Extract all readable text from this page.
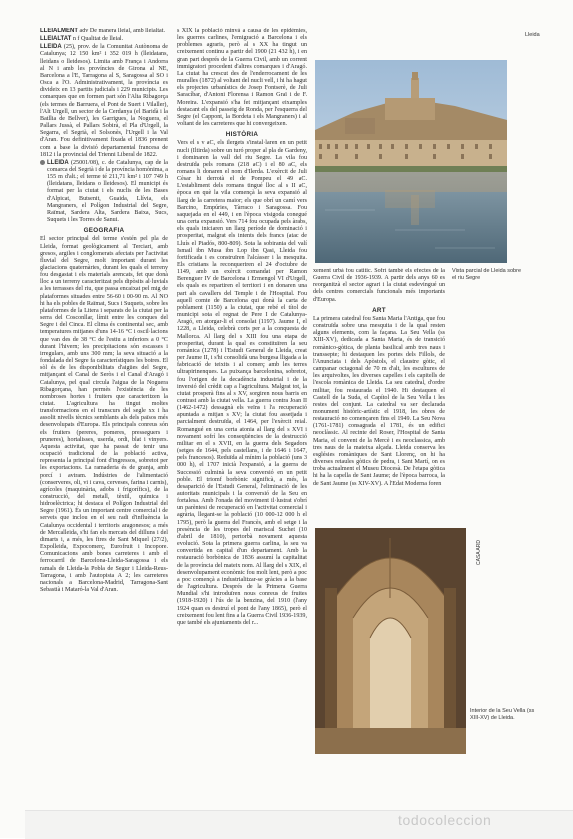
Lleida

LLEIALMENT adv De manera lleial, amb lleialtat.

LLEIALTAT n f Qualitat de lleial.

LLEIDA (25), prov. de la Comunitat Autònoma de Catalunya; 12 150 km² i 352 019 h (lleidatans, lleidans o lleidesos). Limita amb França i Andorra al N i amb les províncies de Girona al NE, Barcelona a l'E, Tarragona al S, Saragossa al SO i Osca a l'O. Administrativament, la província es divideix en 13 partits judicials i 229 municipis. Les comarques que en formen part són l'Alta Ribagorça (els termes de Barruera, el Pont de Suert i Vilaller), l'Alt Urgell, un sector de la Cerdanya (el Baridà i la Batllia de Bellver), les Garrigues, la Noguera, el Pallars Jussà, el Pallars Sobirà, el Pla d'Urgell, la Segarra, el Segrià, el Solsonès, l'Urgell i la Val d'Aran. Fou definitivament fixada el 1836 prenent com a base la divisió departamental francesa de 1812 i la provincial del Trienni Liberal de 1822.

LLEIDA (25001/08), c. de Catalunya, cap de la comarca del Segrià i de la província homònima, a 155 m d'alt.; el terme té 211,71 km² i 107 749 h (lleidatans, lleidans o lleidesos). El municipi és format per la ciutat i els nuclis de les Bases d'Alpicat, Butsenit, Guaida, Llívia, els Mangraners, el Polígon Industrial del Segre, Raïmat, Sardera Alta, Sardera Baixa, Sucs, Suquets i les Torres de Sanui.

GEOGRAFIA

El sector principal del terme s'estén pel pla de Lleida, format geològicament al Terciari, amb gresos, argiles i conglomerats afectats per l'activitat fluvial del Segre, molt important durant les glaciacions quaternàries, durant les quals el terreny fou desgastat i els materials arencats, fet que donà lloc a un terreny caracteritzat pels dipòsits al·luvials a les terrasses del riu, que passa encaixat pel mig de plataformes situades entre 56-60 i 00-90 m. Al NO hi ha els pobles de Raïmat, Sucs i Suquets, sobre les plataformes de la Litera i separats de la ciutat per la serra del Cosconllar, límit entre les conques del Segre i del Cinca. El clima és continental sec, amb temperatures mitjanes d'uns 14-16 °C i oscil·lacions que van des de 38 °C de l'estiu a inferiors a 0 °C durant l'hivern; les precipitacions són escasses i irregulars, amb uns 300 mm; la seva situació a la fondalada del Segre fa característiques les boires. El sòl és de les disponibilitats d'aigües del Segre, mitjançant el Canal de Seròs i el Canal d'Aragó i Catalunya, pel qual circula l'aigua de la Noguera Ribagorçana, han permès l'existència de les nombroses hortes i fruiters que caracteritzen la ciutat. L'agricultura ha tingut moltes transformacions en el transcurs del segle xx i ha assolit nivells tècnics semblants als dels països més desenvolupats d'Europa. Els principals conreus són els fruiters (pereres, pomeres, presseguers i pruneres), hortalisses, userda, ordi, blat i vinyers. Aquesta activitat, que ha passat de tenir una ocupació tradicional de la població activa, representa la principal font d'ingressos, sobretot per les exportacions. La ramaderia és de granja, amb porcí i aviram. Indústries de l'alimentació (conserveres, oli, vi i cava, cerveses, farina i carnis), agrícoles (maquinària, adobs i frigorífics), de la construcció, del metall, tèxtil, química i hidroelèctrica; hi destaca el Polígon Industrial del Segre (1961). És un important centre comercial i de serveis que inclou en el seu radi d'influència la Catalunya occidental i territoris aragonesos; a més de Mercalleida, s'hi fan els mercats del dilluns i del dimarts i, a més, les fires de Sant Miquel (27/2), Expolleida, Expocomerç, Eurofruit i Incopore. Comunicacions amb bones carreteres i amb el ferrocarril de Barcelona-Lleida-Saragossa i els ramals de Lleida-la Pobla de Segur i Lleida-Reus-Tarragona, i amb l'autopista A 2; les carreteres nacionals a Barcelona-Madrid, Tarragona-Sant Sebastià i Mataró-la Val d'Aran.

s XIX la població minvà a causa de les epidèmies, les guerres carlines, l'emigració a Barcelona i els problemes agraris, però al s XX ha tingut un creixement continu a partir del 1900 (21 432 h), i en gran part després de la Guerra Civil, amb un corrent immigratori procedent d'altres comarques i d'Aragó. La ciutat ha crescut des de l'enderrocament de les muralles (1872) al voltant del nucli vell, i hi ha hagut els projectes urbanístics de Josep Fontserè, de Juli Saracíbar, d'Antoni Florensa i Ramon Graï i de F. Moreira. L'expansió s'ha fet mitjançant eixamples destacant els del passeig de Ronda, per l'esquerra del Segre (el Cappont, la Bordeta i els Mangraners) i al voltant de les carreteres que hi convergeixen.

HISTÒRIA

Vers el s v aC, els ilergets s'instal·laren en un petit nucli (Iltirda) sobre un turó proper al pla de Gardeny, i dominaren la vall del riu Segre. La vila fou destruïda pels romans (218 aC) i el 80 aC, els romans li donaren el nom d'Ilerda. L'exèrcit de Juli Cèsar hi derrotà el de Pompeu el 49 aC. L'establiment dels romans tingué lloc al s II aC, època en què la vila començà la seva expansió al llarg de la carretera maior; els que obrí un camí vers Barcino, Empúries, Tàrraco i Saragossa. Fou saquejada en el 449, i en l'època visigoda conegué una certa expansió. Vers 714 fou ocupada pels àrabs, els quals iniciaren un llarg període de dominació i prosperitat, malgrat els intents dels francs (atac de Lluís el Piadós, 800-809). Sota la sobirania del valí Ismail ibn Musa ibn Lop ibn Qasi, Lleida fou fortificada i es construïren l'alcàsser i la mesquita. Els cristians la reconqueriren el 24 d'octubre de 1149, amb un exèrcit comandat per Ramon Berenguer IV de Barcelona i Ermengol VI d'Urgell, els quals es repartiren el territori i en donaren una part als cavallers del Temple i de l'Hospital. Fou aquell comte de Barcelona qui donà la carta de poblament (1150) a la ciutat, que rebé el títol de municipi sota el regnat de Pere I de Catalunya-Aragó, en atorgar-li el consolat (1197). Jaume I, el 1228, a Lleida, celebrà corts per a la conquesta de Mallorca. Al llarg del s XIII fou una etapa de prosperitat, durant la qual es constituïren la seu romànica (1278) i l'Estudi General de Lleida, creat per Jaume II, i s'hi consolidà una burgesa lligada a la fabricació de teixits i al comerç amb les terres ultrapirinenques. La puixança barcelonina, sobretot, fou l'origen de la decadència industrial i de la inversió del crèdit cap a l'agricultura. Malgrat tot, la ciutat prosperà fins al s XV, sorgiren nous barris en contrast amb la ciutat vella. La guerra contra Joan II (1462-1472) dessagnà els veïns i l'a recuperació apuntada a mitjan s XV; la ciutat fou assetjada i parcialment destruïda, el 1464, per l'exèrcit reial. Romangué en una certa atonia al llarg del s XVI i novament sofrí les conseqüències de la destrucció militar en el s XVII, en la guerra dels Segadors (setges de 1644, pels castellans, i de 1646 i 1647, pels francesos). Reduïda al mínim la població (uns 3 000 h), el 1707 inicià l'expansió, a la guerra de Successió culminà la seva conversió en un petit poble. El triomf borbònic significà, a més, la desaparició de l'Estudi General, l'eliminació de les autoritats municipals i la conversió de la Seu en fortalesa. Amb l'onada del moviment il·lustrat s'obrí un parèntesi de recuperació en l'activitat comercial i agrària, llegant-se la població (10 000-12 000 h el 1795), però la guerra del Francès, amb el setge i la presència de les tropes del mariscal Suchet (10 d'abril de 1810), pertorbà novament aquesta evolució. Sota la primera guerra carlina, la seu va convertida en capital d'un departament. Amb la restauració borbònica de 1836 assumí la capitalitat de la província del mateix nom. Al llarg del s XIX, el desenvolupament econòmic fou molt lent, però a poc a poc començà a industrialitzar-se gràcies a la base de l'agricultura. Després de la Primera Guerra Mundial s'hi introduïren nous conreus de fruites (1918-1920) i l'ús de la benzina, del 1910 (l'any 1924 quan es destruí el pont de l'any 1865), però el creixement fou lent fins a la Guerra Civil 1936-1939, que també els ajuntaments del r...

Vista parcial de Lleida sobre el riu Segre

xement urbà fou catitic. Sofrí també els efectes de la Guerra Civil de 1936-1939. A partir dels anys 60 es reorganitzà el sector agrari i la ciutat esdevingué un dels centres comercials funcionals més importants d'Europa.

ART

La primera catedral fou Santa Maria l'Antiga, que fou construïda sobre una mesquita i de la qual resten alguns elements, com la façana. La Seu Vella (ss XIII-XV), dedicada a Santa Maria, és de transició romànico-gòtica, de planta basilical amb tres naus i transsepte; hi destaquen les portes dels Fillols, de l'Anunciata i dels Apòstols, el claustre gòtic, el campanar octagonal de 70 m d'alt, les escultures de les arquivoltes, les diverses capelles i els capitells de l'escola romànica de Lleida. La seu catedral, d'ordre militar, fou restaurada el 1940. Hi destaquen el Castell de la Suda, el Capítol de la Seu Vella i les restes del conjunt. La catedral va ser declarada monument històric-artístic el 1918, les obres de restauració no començaren fins el 1949. La Seu Nova (1761-1781) consagrada el 1781, és un edifici neoclàssic. Al recinte del Roser, l'Hospital de Santa Maria, el convent de la Mercè i es neoclassica, amb tres naus de la mateixa alçada. Lleida conserva les esglésies romàniques de Sant Llorenç, on hi ha diverses retaules gòtics de pedra, i Sant Martí, on es troba actualment el Museu Diocesà. De l'etapa gòtica hi ha la capella de Sant Jaume; de l'època barroca, la de Sant Jaume (ss XIV-XV). A l'Edat Moderna foren

CASA ARD
Interior de la Seu Vella (ss XIII-XV) de Lleida.
todocoleccion
